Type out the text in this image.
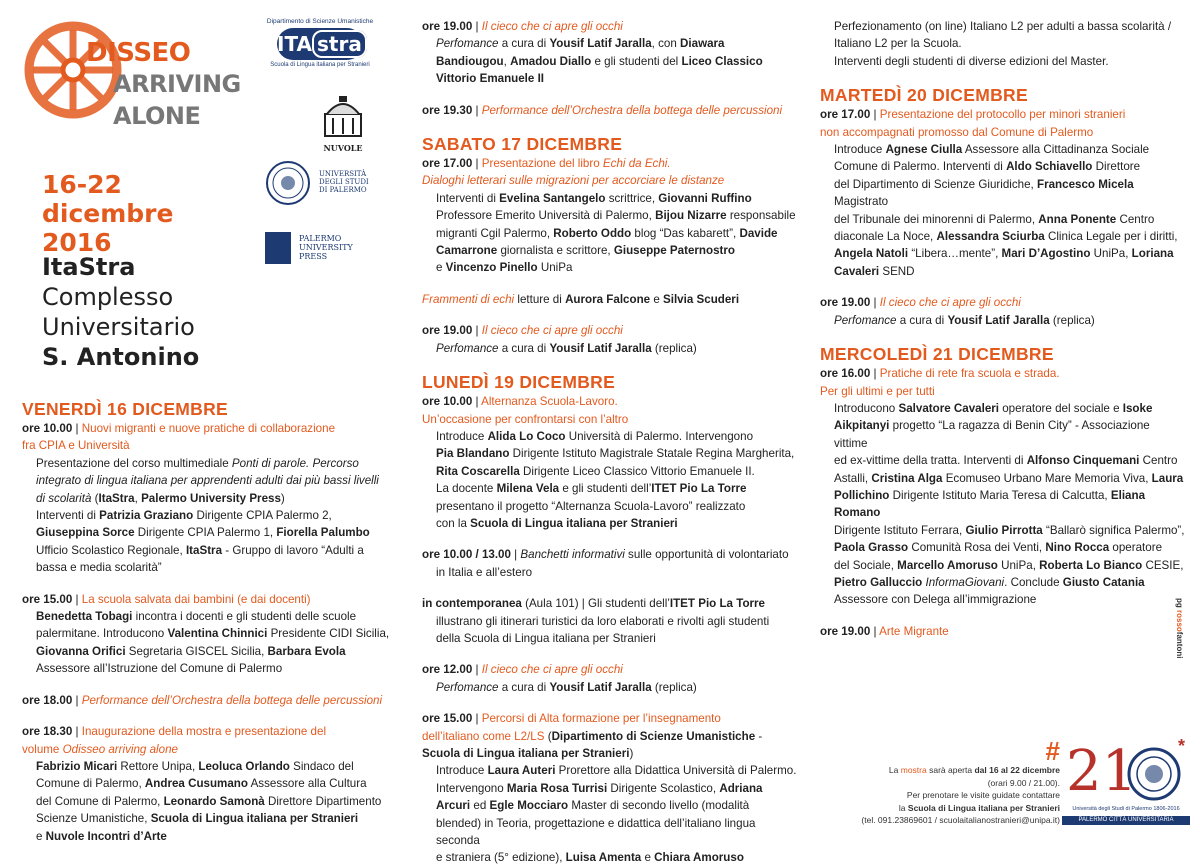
DISSEO
ARRIVING
ALONE
Dipartimento di Scienze Umanistiche
ITA stra
Scuola di Lingua italiana per Stranieri
NUVOLE
UNIVERSITÀ DEGLI STUDI DI PALERMO
PALERMO UNIVERSITY PRESS
16-22
dicembre
2016
ItaStra
Complesso
Universitario
S. Antonino
VENERDÌ 16 DICEMBRE
ore 10.00 | Nuovi migranti e nuove pratiche di collaborazione
fra CPIA e Università
Presentazione del corso multimediale Ponti di parole. Percorso
integrato di lingua italiana per apprendenti adulti dai più bassi livelli
di scolarità (ItaStra, Palermo University Press)
Interventi di Patrizia Graziano Dirigente CPIA Palermo 2,
Giuseppina Sorce Dirigente CPIA Palermo 1, Fiorella Palumbo
Ufficio Scolastico Regionale, ItaStra - Gruppo di lavoro “Adulti a
bassa e media scolarità”
ore 15.00 | La scuola salvata dai bambini (e dai docenti)
Benedetta Tobagi incontra i docenti e gli studenti delle scuole
palermitane. Introducono Valentina Chinnici Presidente CIDI Sicilia,
Giovanna Orifici Segretaria GISCEL Sicilia, Barbara Evola
Assessore all’Istruzione del Comune di Palermo
ore 18.00 | Performance dell’Orchestra della bottega delle percussioni
ore 18.30 | Inaugurazione della mostra e presentazione del
volume Odisseo arriving alone
Fabrizio Micari Rettore Unipa, Leoluca Orlando Sindaco del
Comune di Palermo, Andrea Cusumano Assessore alla Cultura
del Comune di Palermo, Leonardo Samonà Direttore Dipartimento
Scienze Umanistiche, Scuola di Lingua italiana per Stranieri
e Nuvole Incontri d’Arte
ore 19.00 | Il cieco che ci apre gli occhi
Perfomance a cura di Yousif Latif Jaralla, con Diawara
Bandiougou, Amadou Diallo e gli studenti del Liceo Classico
Vittorio Emanuele II
ore 19.30 | Performance dell’Orchestra della bottega delle percussioni
SABATO 17 DICEMBRE
ore 17.00 | Presentazione del libro Echi da Echi.
Dialoghi letterari sulle migrazioni per accorciare le distanze
Interventi di Evelina Santangelo scrittrice, Giovanni Ruffino
Professore Emerito Università di Palermo, Bijou Nizarre responsabile
migranti Cgil Palermo, Roberto Oddo blog “Das kabarett”, Davide
Camarrone giornalista e scrittore, Giuseppe Paternostro
e Vincenzo Pinello UniPa
Frammenti di echi letture di Aurora Falcone e Silvia Scuderi
ore 19.00 | Il cieco che ci apre gli occhi
Perfomance a cura di Yousif Latif Jaralla (replica)
LUNEDÌ 19 DICEMBRE
ore 10.00 | Alternanza Scuola-Lavoro.
Un’occasione per confrontarsi con l’altro
Introduce Alida Lo Coco Università di Palermo. Intervengono
Pia Blandano Dirigente Istituto Magistrale Statale Regina Margherita,
Rita Coscarella Dirigente Liceo Classico Vittorio Emanuele II.
La docente Milena Vela e gli studenti dell’ITET Pio La Torre
presentano il progetto “Alternanza Scuola-Lavoro” realizzato
con la Scuola di Lingua italiana per Stranieri
ore 10.00 / 13.00 | Banchetti informativi sulle opportunità di volontariato
in Italia e all’estero
in contemporanea (Aula 101) | Gli studenti dell’ITET Pio La Torre
illustrano gli itinerari turistici da loro elaborati e rivolti agli studenti
della Scuola di Lingua italiana per Stranieri
ore 12.00 | Il cieco che ci apre gli occhi
Perfomance a cura di Yousif Latif Jaralla (replica)
ore 15.00 | Percorsi di Alta formazione per l’insegnamento
dell’italiano come L2/LS (Dipartimento di Scienze Umanistiche -
Scuola di Lingua italiana per Stranieri)
Introduce Laura Auteri Prorettore alla Didattica Università di Palermo.
Intervengono Maria Rosa Turrisi Dirigente Scolastico, Adriana
Arcuri ed Egle Mocciaro Master di secondo livello (modalità
blended) in Teoria, progettazione e didattica dell’italiano lingua seconda
e straniera (5° edizione), Luisa Amenta e Chiara Amoruso
Perfezionamento (on line) Italiano L2 per adulti a bassa scolarità /
Italiano L2 per la Scuola.
Interventi degli studenti di diverse edizioni del Master.
MARTEDÌ 20 DICEMBRE
ore 17.00 | Presentazione del protocollo per minori stranieri
non accompagnati promosso dal Comune di Palermo
Introduce Agnese Ciulla Assessore alla Cittadinanza Sociale
Comune di Palermo. Interventi di Aldo Schiavello Direttore
del Dipartimento di Scienze Giuridiche, Francesco Micela Magistrato
del Tribunale dei minorenni di Palermo, Anna Ponente Centro
diaconale La Noce, Alessandra Sciurba Clinica Legale per i diritti,
Angela Natoli “Libera…mente”, Mari D’Agostino UniPa, Loriana
Cavaleri SEND
ore 19.00 | Il cieco che ci apre gli occhi
Perfomance a cura di Yousif Latif Jaralla (replica)
MERCOLEDÌ 21 DICEMBRE
ore 16.00 | Pratiche di rete fra scuola e strada.
Per gli ultimi e per tutti
Introducono Salvatore Cavaleri operatore del sociale e Isoke
Aikpitanyi progetto “La ragazza di Benin City” - Associazione vittime
ed ex-vittime della tratta. Interventi di Alfonso Cinquemani Centro
Astalli, Cristina Alga Ecomuseo Urbano Mare Memoria Viva, Laura
Pollichino Dirigente Istituto Maria Teresa di Calcutta, Eliana Romano
Dirigente Istituto Ferrara, Giulio Pirrotta “Ballarò significa Palermo”,
Paola Grasso Comunità Rosa dei Venti, Nino Rocca operatore
del Sociale, Marcello Amoruso UniPa, Roberta Lo Bianco CESIE,
Pietro Galluccio InformaGiovani. Conclude Giusto Catania
Assessore con Delega all’immigrazione
ore 19.00 | Arte Migrante
#
La mostra sarà aperta dal 16 al 22 dicembre
(orari 9.00 / 21.00).
Per prenotare le visite guidate contattare
la Scuola di Lingua italiana per Stranieri
(tel. 091.23869601 / scuolaitalianostranieri@unipa.it)
21 *
Università degli Studi di Palermo 1806-2016
PALERMO CITTÀ UNIVERSITARIA
pg rossofantoni
